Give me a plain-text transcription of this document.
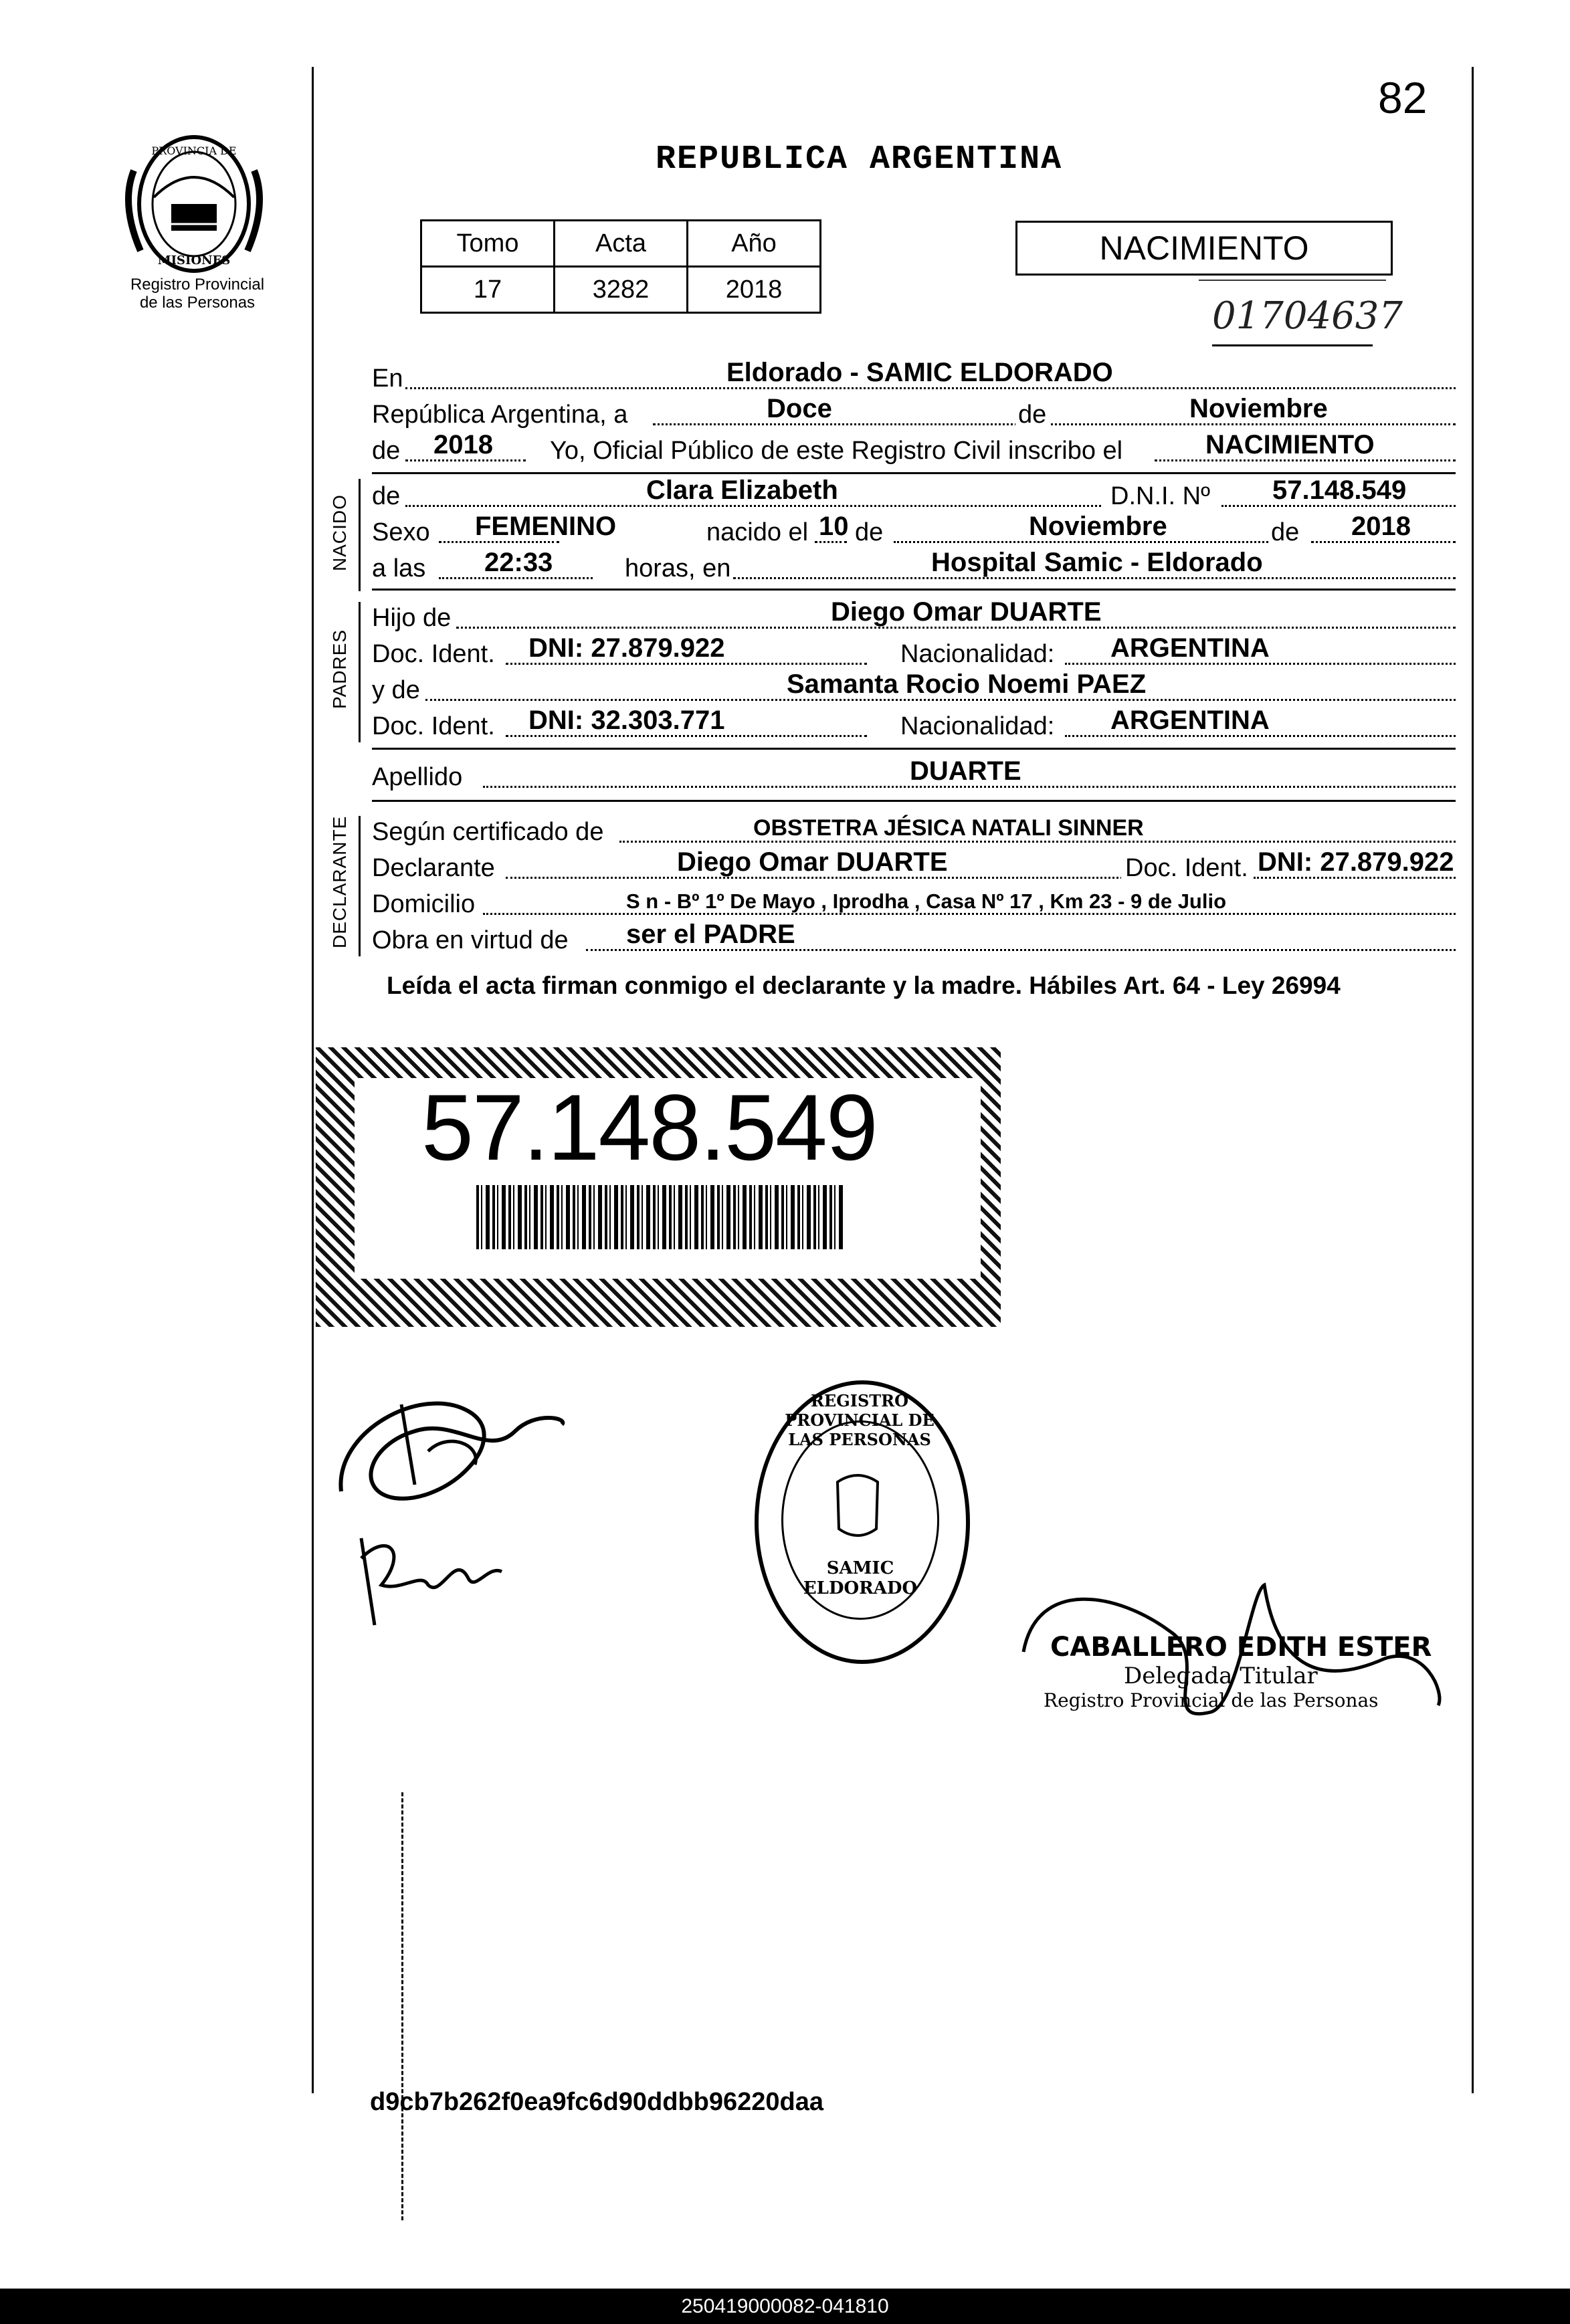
PROVINCIA DE
MISIONES
Registro Provincial
de las Personas
82
REPUBLICA ARGENTINA
Tomo	Acta	Año
17	3282	2018
NACIMIENTO
01704637
En	Eldorado - SAMIC ELDORADO
República Argentina, a	Doce	de	Noviembre
de 2018 Yo, Oficial Público de este Registro Civil inscribo el	NACIMIENTO
NACIDO de	Clara Elizabeth	D.N.I. Nº 57.148.549
Sexo FEMENINO	nacido el 10 de	Noviembre	de 2018
a las 22:33	horas, en	Hospital Samic - Eldorado
PADRES
Hijo de	Diego Omar DUARTE
Doc. Ident. DNI: 27.879.922	Nacionalidad: ARGENTINA
y de	Samanta Rocio Noemi PAEZ
Doc. Ident. DNI: 32.303.771	Nacionalidad: ARGENTINA
Apellido	DUARTE
DECLARANTE Según certificado de	OBSTETRA JÉSICA NATALI SINNER
Declarante	Diego Omar DUARTE	Doc. Ident. DNI: 27.879.922
Domicilio	S n - Bº 1º De Mayo , Iprodha , Casa Nº 17 , Km 23 - 9 de Julio
Obra en virtud de ser el PADRE
Leída el acta firman conmigo el declarante y la madre. Hábiles Art. 64 - Ley 26994
57.148.549
REGISTRO PROVINCIAL DE LAS PERSONAS
SAMIC ELDORADO
CABALLERO EDITH ESTER
Delegada Titular
Registro Provincial de las Personas
d9cb7b262f0ea9fc6d90ddbb96220daa
250419000082-041810
